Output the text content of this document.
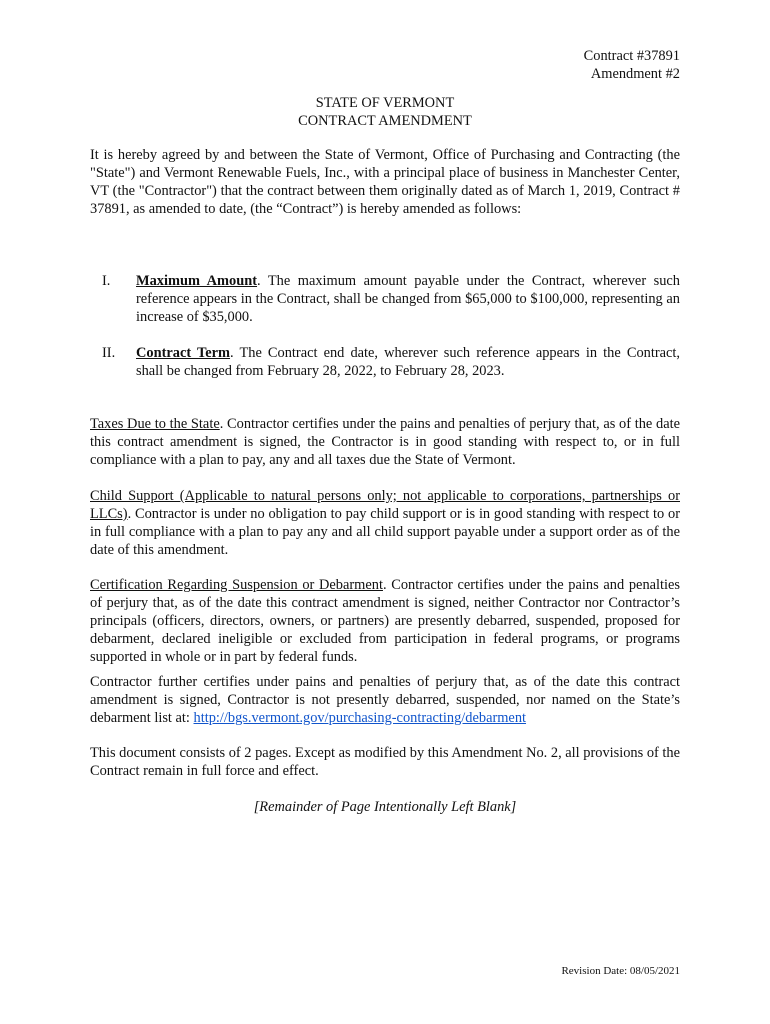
Contract #37891
Amendment #2
STATE OF VERMONT
CONTRACT AMENDMENT

It is hereby agreed by and between the State of Vermont, Office of Purchasing and Contracting (the "State") and Vermont Renewable Fuels, Inc., with a principal place of business in Manchester Center, VT (the "Contractor") that the contract between them originally dated as of March 1, 2019, Contract # 37891, as amended to date, (the “Contract”) is hereby amended as follows:

I. Maximum Amount. The maximum amount payable under the Contract, wherever such reference appears in the Contract, shall be changed from $65,000 to $100,000, representing an increase of $35,000.
II. Contract Term. The Contract end date, wherever such reference appears in the Contract, shall be changed from February 28, 2022, to February 28, 2023.

Taxes Due to the State. Contractor certifies under the pains and penalties of perjury that, as of the date this contract amendment is signed, the Contractor is in good standing with respect to, or in full compliance with a plan to pay, any and all taxes due the State of Vermont.

Child Support (Applicable to natural persons only; not applicable to corporations, partnerships or LLCs). Contractor is under no obligation to pay child support or is in good standing with respect to or in full compliance with a plan to pay any and all child support payable under a support order as of the date of this amendment.

Certification Regarding Suspension or Debarment. Contractor certifies under the pains and penalties of perjury that, as of the date this contract amendment is signed, neither Contractor nor Contractor’s principals (officers, directors, owners, or partners) are presently debarred, suspended, proposed for debarment, declared ineligible or excluded from participation in federal programs, or programs supported in whole or in part by federal funds.

Contractor further certifies under pains and penalties of perjury that, as of the date this contract amendment is signed, Contractor is not presently debarred, suspended, nor named on the State’s debarment list at: http://bgs.vermont.gov/purchasing-contracting/debarment

This document consists of 2 pages. Except as modified by this Amendment No. 2, all provisions of the Contract remain in full force and effect.

[Remainder of Page Intentionally Left Blank]
Revision Date: 08/05/2021
